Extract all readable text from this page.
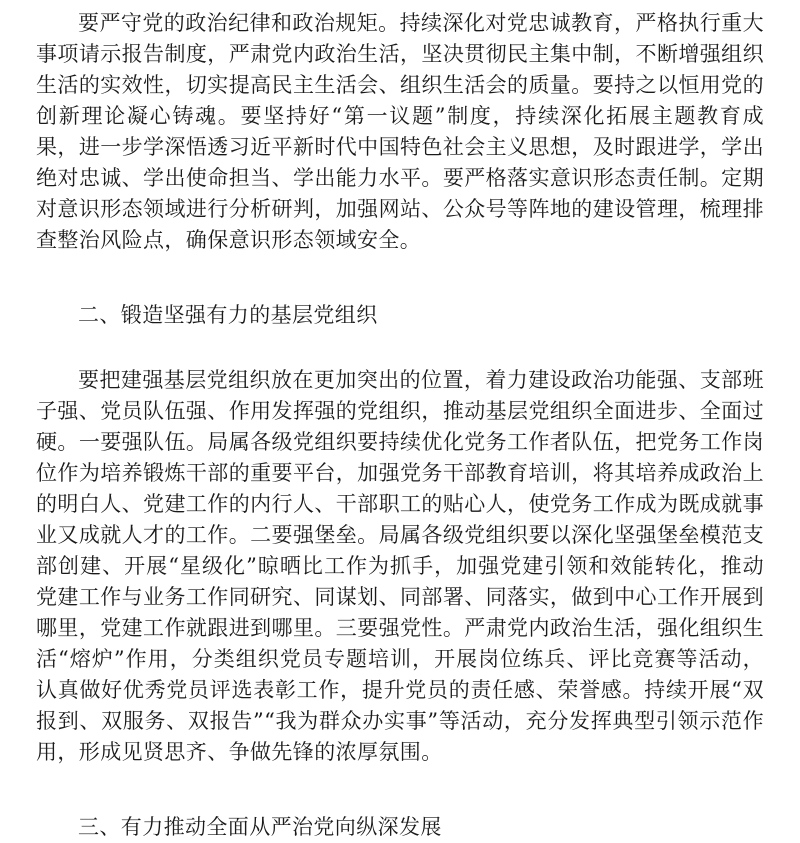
要严守党的政治纪律和政治规矩。持续深化对党忠诚教育，严格执行重大事项请示报告制度，严肃党内政治生活，坚决贯彻民主集中制，不断增强组织生活的实效性，切实提高民主生活会、组织生活会的质量。要持之以恒用党的创新理论凝心铸魂。要坚持好“第一议题”制度，持续深化拓展主题教育成果，进一步学深悟透习近平新时代中国特色社会主义思想，及时跟进学，学出绝对忠诚、学出使命担当、学出能力水平。要严格落实意识形态责任制。定期对意识形态领域进行分析研判，加强网站、公众号等阵地的建设管理，梳理排查整治风险点，确保意识形态领域安全。

二、锻造坚强有力的基层党组织

要把建强基层党组织放在更加突出的位置，着力建设政治功能强、支部班子强、党员队伍强、作用发挥强的党组织，推动基层党组织全面进步、全面过硬。一要强队伍。局属各级党组织要持续优化党务工作者队伍，把党务工作岗位作为培养锻炼干部的重要平台，加强党务干部教育培训，将其培养成政治上的明白人、党建工作的内行人、干部职工的贴心人，使党务工作成为既成就事业又成就人才的工作。二要强堡垒。局属各级党组织要以深化坚强堡垒模范支部创建、开展“星级化”晾晒比工作为抓手，加强党建引领和效能转化，推动党建工作与业务工作同研究、同谋划、同部署、同落实，做到中心工作开展到哪里，党建工作就跟进到哪里。三要强党性。严肃党内政治生活，强化组织生活“熔炉”作用，分类组织党员专题培训，开展岗位练兵、评比竞赛等活动，认真做好优秀党员评选表彰工作，提升党员的责任感、荣誉感。持续开展“双报到、双服务、双报告”“我为群众办实事”等活动，充分发挥典型引领示范作用，形成见贤思齐、争做先锋的浓厚氛围。

三、有力推动全面从严治党向纵深发展
